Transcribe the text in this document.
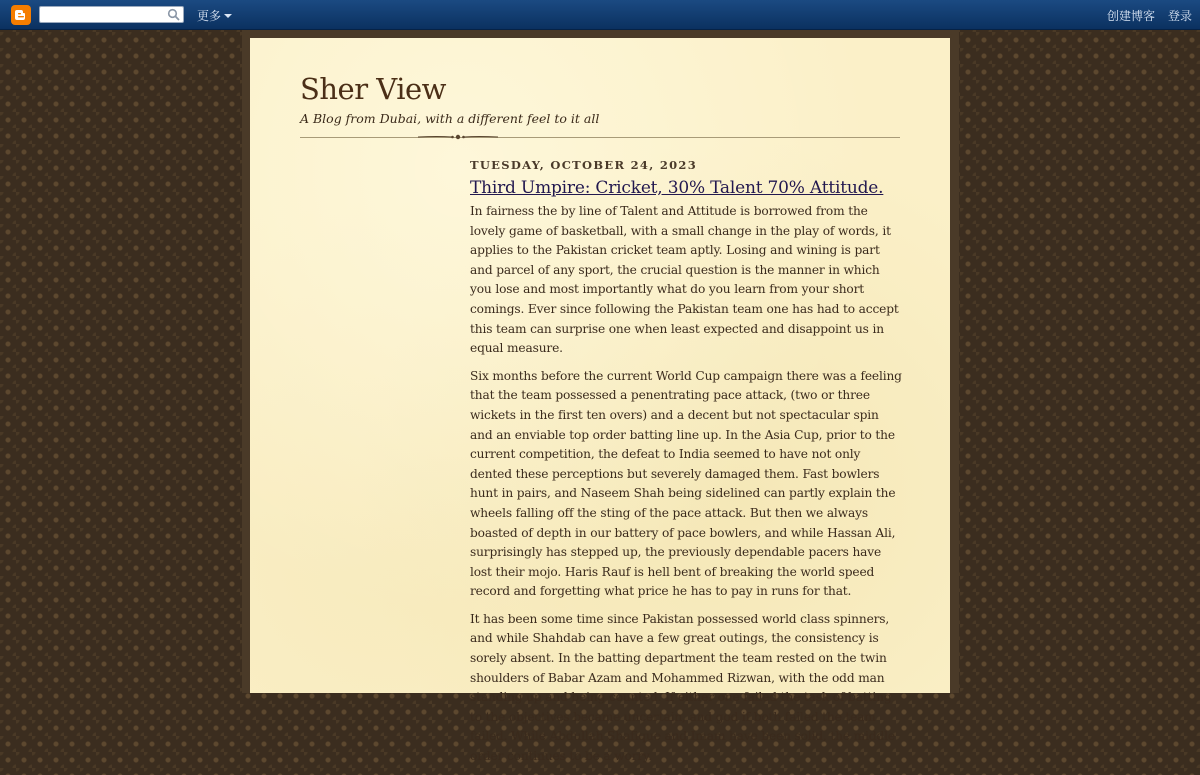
更多	创建博客 登录
Sher View

A Blog from Dubai, with a different feel to it all

TUESDAY, OCTOBER 24, 2023
Third Umpire: Cricket, 30% Talent 70% Attitude.

In fairness the by line of Talent and Attitude is borrowed from the lovely game of basketball, with a small change in the play of words, it applies to the Pakistan cricket team aptly. Losing and wining is part and parcel of any sport, the crucial question is the manner in which you lose and most importantly what do you learn from your short comings. Ever since following the Pakistan team one has had to accept this team can surprise one when least expected and disappoint us in equal measure.

Six months before the current World Cup campaign there was a feeling that the team possessed a penentrating pace attack, (two or three wickets in the first ten overs) and a decent but not spectacular spin and an enviable top order batting line up. In the Asia Cup, prior to the current competition, the defeat to India seemed to have not only dented these perceptions but severely damaged them. Fast bowlers hunt in pairs, and Naseem Shah being sidelined can partly explain the wheels falling off the sting of the pace attack. But then we always boasted of depth in our battery of pace bowlers, and while Hassan Ali, surprisingly has stepped up, the previously dependable pacers have lost their mojo. Haris Rauf is hell bent of breaking the world speed record and forgetting what price he has to pay in runs for that.

It has been some time since Pakistan possessed world class spinners, and while Shahdab can have a few great outings, the consistency is sorely absent. In the batting department the team rested on the twin shoulders of Babar Azam and Mohammed Rizwan, with the odd man standing up and being counted. If either one failed the task of batting to the objectives became uncertain, and god if both failed the team failed. While Abdullah Shafique and Imam have been solid, the middle order continues to be a worry.
